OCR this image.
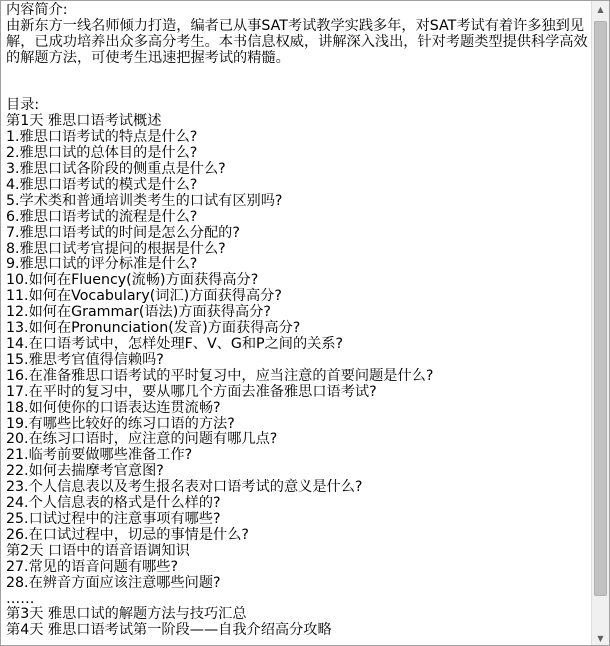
内容简介:
由新东方一线名师倾力打造，编者已从事SAT考试教学实践多年，对SAT考试有着许多独到见解，已成功培养出众多高分考生。本书信息权威，讲解深入浅出，针对考题类型提供科学高效的解题方法，可使考生迅速把握考试的精髓。
目录:
第1天 雅思口语考试概述
1.雅思口语考试的特点是什么?
2.雅思口试的总体目的是什么?
3.雅思口试各阶段的侧重点是什么?
4.雅思口语考试的模式是什么?
5.学术类和普通培训类考生的口试有区别吗?
6.雅思口语考试的流程是什么?
7.雅思口语考试的时间是怎么分配的?
8.雅思口试考官提问的根据是什么?
9.雅思口试的评分标准是什么?
10.如何在Fluency(流畅)方面获得高分?
11.如何在Vocabulary(词汇)方面获得高分?
12.如何在Grammar(语法)方面获得高分?
13.如何在Pronunciation(发音)方面获得高分?
14.在口语考试中，怎样处理F、V、G和P之间的关系?
15.雅思考官值得信赖吗?
16.在准备雅思口语考试的平时复习中，应当注意的首要问题是什么?
17.在平时的复习中，要从哪几个方面去准备雅思口语考试?
18.如何使你的口语表达连贯流畅?
19.有哪些比较好的练习口语的方法?
20.在练习口语时，应注意的问题有哪几点?
21.临考前要做哪些准备工作?
22.如何去揣摩考官意图?
23.个人信息表以及考生报名表对口语考试的意义是什么?
24.个人信息表的格式是什么样的?
25.口试过程中的注意事项有哪些?
26.在口试过程中，切忌的事情是什么?
第2天 口语中的语音语调知识
27.常见的语音问题有哪些?
28.在辨音方面应该注意哪些问题?
……
第3天 雅思口试的解题方法与技巧汇总
第4天 雅思口语考试第一阶段——自我介绍高分攻略
▲
▼
